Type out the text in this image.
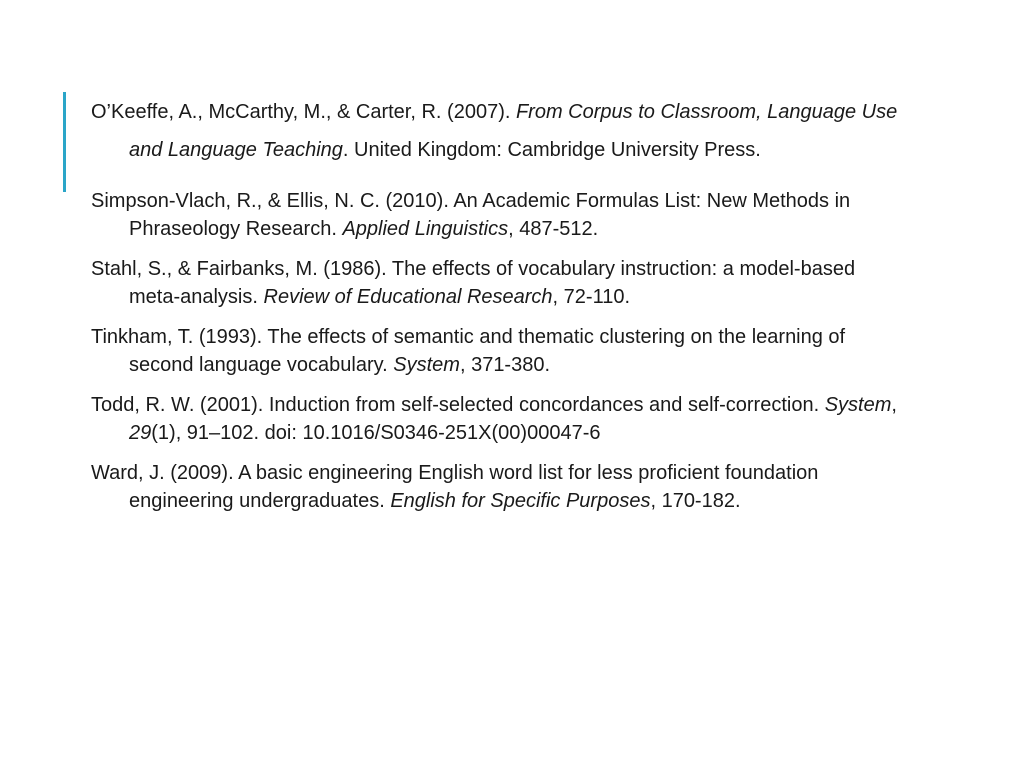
O’Keeffe, A., McCarthy, M., & Carter, R. (2007). From Corpus to Classroom, Language Use and Language Teaching. United Kingdom: Cambridge University Press.

Simpson-Vlach, R., & Ellis, N. C. (2010). An Academic Formulas List: New Methods in Phraseology Research. Applied Linguistics, 487-512.

Stahl, S., & Fairbanks, M. (1986). The effects of vocabulary instruction: a model-based meta-analysis. Review of Educational Research, 72-110.

Tinkham, T. (1993). The effects of semantic and thematic clustering on the learning of second language vocabulary. System, 371-380.

Todd, R. W. (2001). Induction from self-selected concordances and self-correction. System, 29(1), 91–102. doi: 10.1016/S0346-251X(00)00047-6

Ward, J. (2009). A basic engineering English word list for less proficient foundation engineering undergraduates. English for Specific Purposes, 170-182.
